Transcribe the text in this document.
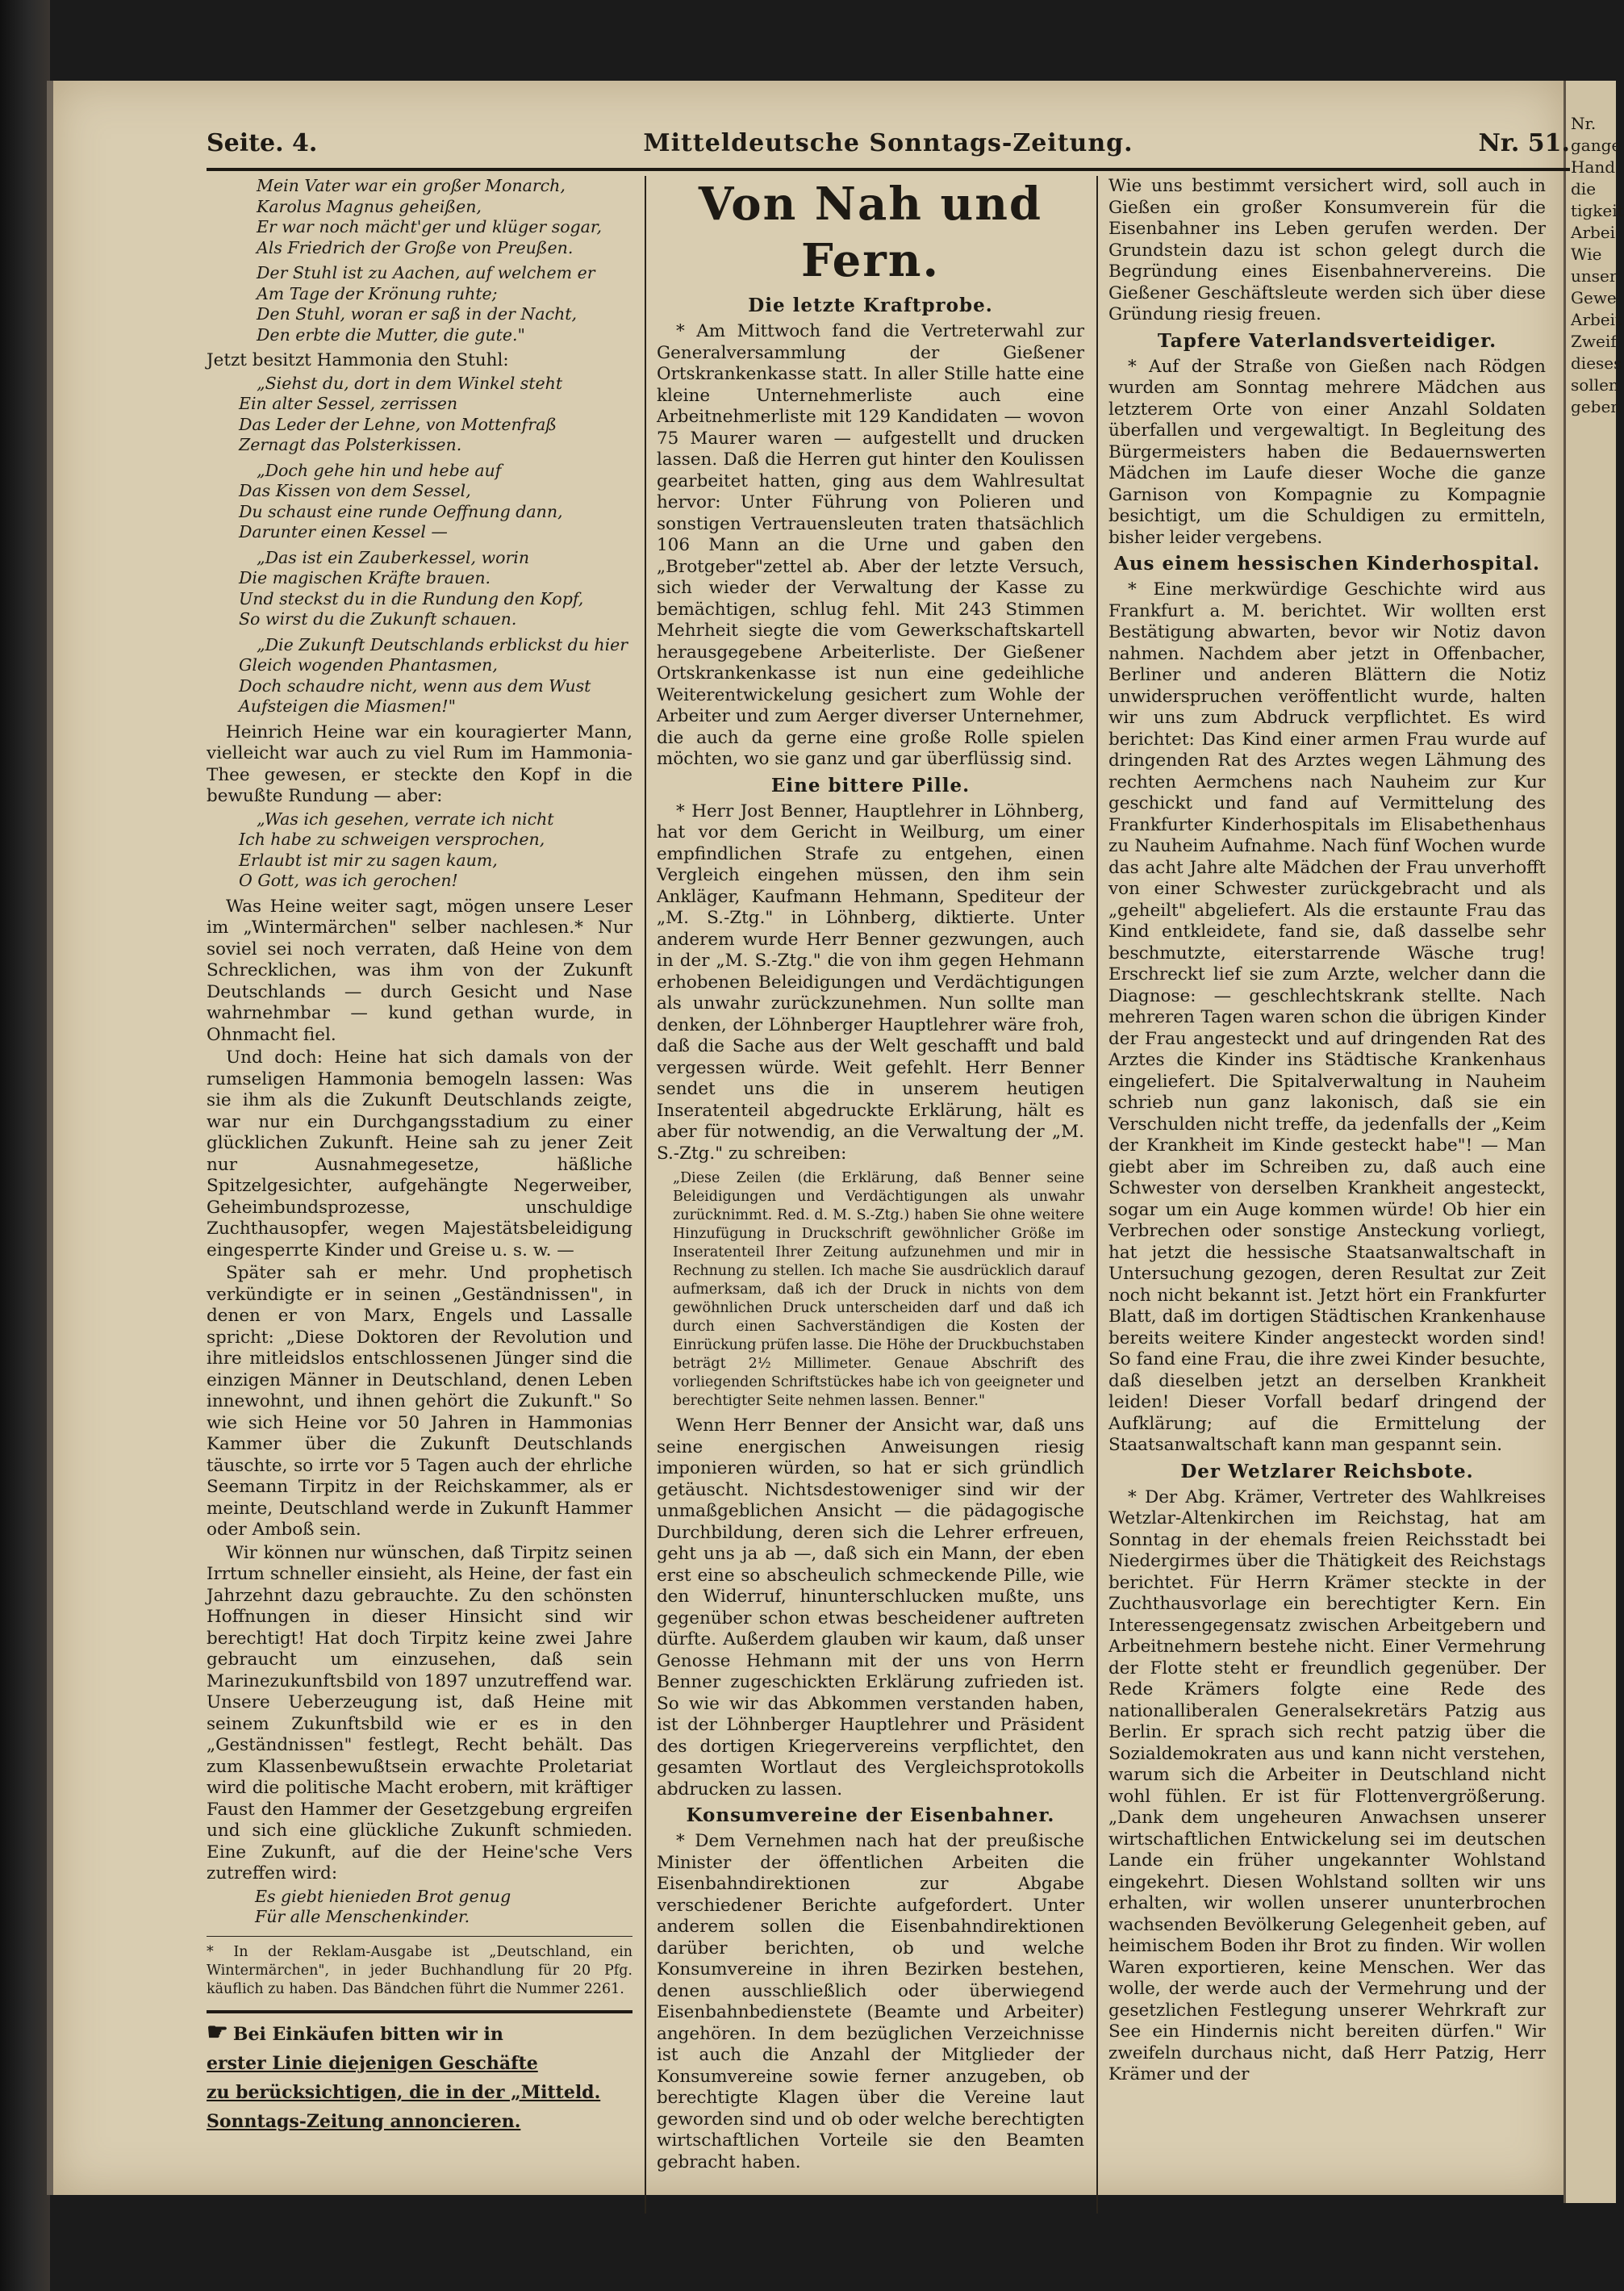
Nr.
gange
Hand
die
tigkeit
Arbei
Wie
unser
Gewe
Arbeit
Zweif
dieses
sollen
geben
Seite. 4.	Mitteldeutsche Sonntags-Zeitung.	Nr. 51.
Mein Vater war ein großer Monarch,
Karolus Magnus geheißen,
Er war noch mächt'ger und klüger sogar,
Als Friedrich der Große von Preußen.
Der Stuhl ist zu Aachen, auf welchem er
Am Tage der Krönung ruhte;
Den Stuhl, woran er saß in der Nacht,
Den erbte die Mutter, die gute."

Jetzt besitzt Hammonia den Stuhl:

„Siehst du, dort in dem Winkel steht
Ein alter Sessel, zerrissen
Das Leder der Lehne, von Mottenfraß
Zernagt das Polsterkissen.
„Doch gehe hin und hebe auf
Das Kissen von dem Sessel,
Du schaust eine runde Oeffnung dann,
Darunter einen Kessel —
„Das ist ein Zauberkessel, worin
Die magischen Kräfte brauen.
Und steckst du in die Rundung den Kopf,
So wirst du die Zukunft schauen.
„Die Zukunft Deutschlands erblickst du hier
Gleich wogenden Phantasmen,
Doch schaudre nicht, wenn aus dem Wust
Aufsteigen die Miasmen!"

Heinrich Heine war ein kouragierter Mann, vielleicht war auch zu viel Rum im Hammonia-Thee gewesen, er steckte den Kopf in die bewußte Rundung — aber:

„Was ich gesehen, verrate ich nicht
Ich habe zu schweigen versprochen,
Erlaubt ist mir zu sagen kaum,
O Gott, was ich gerochen!

Was Heine weiter sagt, mögen unsere Leser im „Wintermärchen" selber nachlesen.* Nur soviel sei noch verraten, daß Heine von dem Schrecklichen, was ihm von der Zukunft Deutschlands — durch Gesicht und Nase wahrnehmbar — kund gethan wurde, in Ohnmacht fiel.

Und doch: Heine hat sich damals von der rumseligen Hammonia bemogeln lassen: Was sie ihm als die Zukunft Deutschlands zeigte, war nur ein Durchgangsstadium zu einer glücklichen Zukunft. Heine sah zu jener Zeit nur Ausnahmegesetze, häßliche Spitzelgesichter, aufgehängte Negerweiber, Geheimbundsprozesse, unschuldige Zuchthausopfer, wegen Majestätsbeleidigung eingesperrte Kinder und Greise u. s. w. —

Später sah er mehr. Und prophetisch verkündigte er in seinen „Geständnissen", in denen er von Marx, Engels und Lassalle spricht: „Diese Doktoren der Revolution und ihre mitleidslos entschlossenen Jünger sind die einzigen Männer in Deutschland, denen Leben innewohnt, und ihnen gehört die Zukunft." So wie sich Heine vor 50 Jahren in Hammonias Kammer über die Zukunft Deutschlands täuschte, so irrte vor 5 Tagen auch der ehrliche Seemann Tirpitz in der Reichskammer, als er meinte, Deutschland werde in Zukunft Hammer oder Amboß sein.

Wir können nur wünschen, daß Tirpitz seinen Irrtum schneller einsieht, als Heine, der fast ein Jahrzehnt dazu gebrauchte. Zu den schönsten Hoffnungen in dieser Hinsicht sind wir berechtigt! Hat doch Tirpitz keine zwei Jahre gebraucht um einzusehen, daß sein Marinezukunftsbild von 1897 unzutreffend war. Unsere Ueberzeugung ist, daß Heine mit seinem Zukunftsbild wie er es in den „Geständnissen" festlegt, Recht behält. Das zum Klassenbewußtsein erwachte Proletariat wird die politische Macht erobern, mit kräftiger Faust den Hammer der Gesetzgebung ergreifen und sich eine glückliche Zukunft schmieden. Eine Zukunft, auf die der Heine'sche Vers zutreffen wird:

Es giebt hienieden Brot genug
Für alle Menschenkinder.
* In der Reklam-Ausgabe ist „Deutschland, ein Wintermärchen", in jeder Buchhandlung für 20 Pfg. käuflich zu haben. Das Bändchen führt die Nummer 2261.
☛ Bei Einkäufen bitten wir in
erster Linie diejenigen Geschäfte
zu berücksichtigen, die in der „Mitteld.
Sonntags-Zeitung annoncieren.
Von Nah und Fern.
Die letzte Kraftprobe.

* Am Mittwoch fand die Vertreterwahl zur Generalversammlung der Gießener Ortskrankenkasse statt. In aller Stille hatte eine kleine Unternehmerliste auch eine Arbeitnehmerliste mit 129 Kandidaten — wovon 75 Maurer waren — aufgestellt und drucken lassen. Daß die Herren gut hinter den Koulissen gearbeitet hatten, ging aus dem Wahlresultat hervor: Unter Führung von Polieren und sonstigen Vertrauensleuten traten thatsächlich 106 Mann an die Urne und gaben den „Brotgeber"zettel ab. Aber der letzte Versuch, sich wieder der Verwaltung der Kasse zu bemächtigen, schlug fehl. Mit 243 Stimmen Mehrheit siegte die vom Gewerkschaftskartell herausgegebene Arbeiterliste. Der Gießener Ortskrankenkasse ist nun eine gedeihliche Weiterentwickelung gesichert zum Wohle der Arbeiter und zum Aerger diverser Unternehmer, die auch da gerne eine große Rolle spielen möchten, wo sie ganz und gar überflüssig sind.

Eine bittere Pille.

* Herr Jost Benner, Hauptlehrer in Löhnberg, hat vor dem Gericht in Weilburg, um einer empfindlichen Strafe zu entgehen, einen Vergleich eingehen müssen, den ihm sein Ankläger, Kaufmann Hehmann, Spediteur der „M. S.-Ztg." in Löhnberg, diktierte. Unter anderem wurde Herr Benner gezwungen, auch in der „M. S.-Ztg." die von ihm gegen Hehmann erhobenen Beleidigungen und Verdächtigungen als unwahr zurückzunehmen. Nun sollte man denken, der Löhnberger Hauptlehrer wäre froh, daß die Sache aus der Welt geschafft und bald vergessen würde. Weit gefehlt. Herr Benner sendet uns die in unserem heutigen Inseratenteil abgedruckte Erklärung, hält es aber für notwendig, an die Verwaltung der „M. S.-Ztg." zu schreiben:

„Diese Zeilen (die Erklärung, daß Benner seine Beleidigungen und Verdächtigungen als unwahr zurücknimmt. Red. d. M. S.-Ztg.) haben Sie ohne weitere Hinzufügung in Druckschrift gewöhnlicher Größe im Inseratenteil Ihrer Zeitung aufzunehmen und mir in Rechnung zu stellen. Ich mache Sie ausdrücklich darauf aufmerksam, daß ich der Druck in nichts von dem gewöhnlichen Druck unterscheiden darf und daß ich durch einen Sachverständigen die Kosten der Einrückung prüfen lasse. Die Höhe der Druckbuchstaben beträgt 2½ Millimeter. Genaue Abschrift des vorliegenden Schriftstückes habe ich von geeigneter und berechtigter Seite nehmen lassen. Benner."

Wenn Herr Benner der Ansicht war, daß uns seine energischen Anweisungen riesig imponieren würden, so hat er sich gründlich getäuscht. Nichtsdestoweniger sind wir der unmaßgeblichen Ansicht — die pädagogische Durchbildung, deren sich die Lehrer erfreuen, geht uns ja ab —, daß sich ein Mann, der eben erst eine so abscheulich schmeckende Pille, wie den Widerruf, hinunterschlucken mußte, uns gegenüber schon etwas bescheidener auftreten dürfte. Außerdem glauben wir kaum, daß unser Genosse Hehmann mit der uns von Herrn Benner zugeschickten Erklärung zufrieden ist. So wie wir das Abkommen verstanden haben, ist der Löhnberger Hauptlehrer und Präsident des dortigen Kriegervereins verpflichtet, den gesamten Wortlaut des Vergleichsprotokolls abdrucken zu lassen.

Konsumvereine der Eisenbahner.

* Dem Vernehmen nach hat der preußische Minister der öffentlichen Arbeiten die Eisenbahndirektionen zur Abgabe verschiedener Berichte aufgefordert. Unter anderem sollen die Eisenbahndirektionen darüber berichten, ob und welche Konsumvereine in ihren Bezirken bestehen, denen ausschließlich oder überwiegend Eisenbahnbedienstete (Beamte und Arbeiter) angehören. In dem bezüglichen Verzeichnisse ist auch die Anzahl der Mitglieder der Konsumvereine sowie ferner anzugeben, ob berechtigte Klagen über die Vereine laut geworden sind und ob oder welche berechtigten wirtschaftlichen Vorteile sie den Beamten gebracht haben.

Wie uns bestimmt versichert wird, soll auch in Gießen ein großer Konsumverein für die Eisenbahner ins Leben gerufen werden. Der Grundstein dazu ist schon gelegt durch die Begründung eines Eisenbahnervereins. Die Gießener Geschäftsleute werden sich über diese Gründung riesig freuen.

Tapfere Vaterlandsverteidiger.

* Auf der Straße von Gießen nach Rödgen wurden am Sonntag mehrere Mädchen aus letzterem Orte von einer Anzahl Soldaten überfallen und vergewaltigt. In Begleitung des Bürgermeisters haben die Bedauernswerten Mädchen im Laufe dieser Woche die ganze Garnison von Kompagnie zu Kompagnie besichtigt, um die Schuldigen zu ermitteln, bisher leider vergebens.

Aus einem hessischen Kinderhospital.

* Eine merkwürdige Geschichte wird aus Frankfurt a. M. berichtet. Wir wollten erst Bestätigung abwarten, bevor wir Notiz davon nahmen. Nachdem aber jetzt in Offenbacher, Berliner und anderen Blättern die Notiz unwiderspruchen veröffentlicht wurde, halten wir uns zum Abdruck verpflichtet. Es wird berichtet: Das Kind einer armen Frau wurde auf dringenden Rat des Arztes wegen Lähmung des rechten Aermchens nach Nauheim zur Kur geschickt und fand auf Vermittelung des Frankfurter Kinderhospitals im Elisabethenhaus zu Nauheim Aufnahme. Nach fünf Wochen wurde das acht Jahre alte Mädchen der Frau unverhofft von einer Schwester zurückgebracht und als „geheilt" abgeliefert. Als die erstaunte Frau das Kind entkleidete, fand sie, daß dasselbe sehr beschmutzte, eiterstarrende Wäsche trug! Erschreckt lief sie zum Arzte, welcher dann die Diagnose: — geschlechtskrank stellte. Nach mehreren Tagen waren schon die übrigen Kinder der Frau angesteckt und auf dringenden Rat des Arztes die Kinder ins Städtische Krankenhaus eingeliefert. Die Spitalverwaltung in Nauheim schrieb nun ganz lakonisch, daß sie ein Verschulden nicht treffe, da jedenfalls der „Keim der Krankheit im Kinde gesteckt habe"! — Man giebt aber im Schreiben zu, daß auch eine Schwester von derselben Krankheit angesteckt, sogar um ein Auge kommen würde! Ob hier ein Verbrechen oder sonstige Ansteckung vorliegt, hat jetzt die hessische Staatsanwaltschaft in Untersuchung gezogen, deren Resultat zur Zeit noch nicht bekannt ist. Jetzt hört ein Frankfurter Blatt, daß im dortigen Städtischen Krankenhause bereits weitere Kinder angesteckt worden sind! So fand eine Frau, die ihre zwei Kinder besuchte, daß dieselben jetzt an derselben Krankheit leiden! Dieser Vorfall bedarf dringend der Aufklärung; auf die Ermittelung der Staatsanwaltschaft kann man gespannt sein.

Der Wetzlarer Reichsbote.

* Der Abg. Krämer, Vertreter des Wahlkreises Wetzlar-Altenkirchen im Reichstag, hat am Sonntag in der ehemals freien Reichsstadt bei Niedergirmes über die Thätigkeit des Reichstags berichtet. Für Herrn Krämer steckte in der Zuchthausvorlage ein berechtigter Kern. Ein Interessengegensatz zwischen Arbeitgebern und Arbeitnehmern bestehe nicht. Einer Vermehrung der Flotte steht er freundlich gegenüber. Der Rede Krämers folgte eine Rede des nationalliberalen Generalsekretärs Patzig aus Berlin. Er sprach sich recht patzig über die Sozialdemokraten aus und kann nicht verstehen, warum sich die Arbeiter in Deutschland nicht wohl fühlen. Er ist für Flottenvergrößerung. „Dank dem ungeheuren Anwachsen unserer wirtschaftlichen Entwickelung sei im deutschen Lande ein früher ungekannter Wohlstand eingekehrt. Diesen Wohlstand sollten wir uns erhalten, wir wollen unserer ununterbrochen wachsenden Bevölkerung Gelegenheit geben, auf heimischem Boden ihr Brot zu finden. Wir wollen Waren exportieren, keine Menschen. Wer das wolle, der werde auch der Vermehrung und der gesetzlichen Festlegung unserer Wehrkraft zur See ein Hindernis nicht bereiten dürfen." Wir zweifeln durchaus nicht, daß Herr Patzig, Herr Krämer und der
